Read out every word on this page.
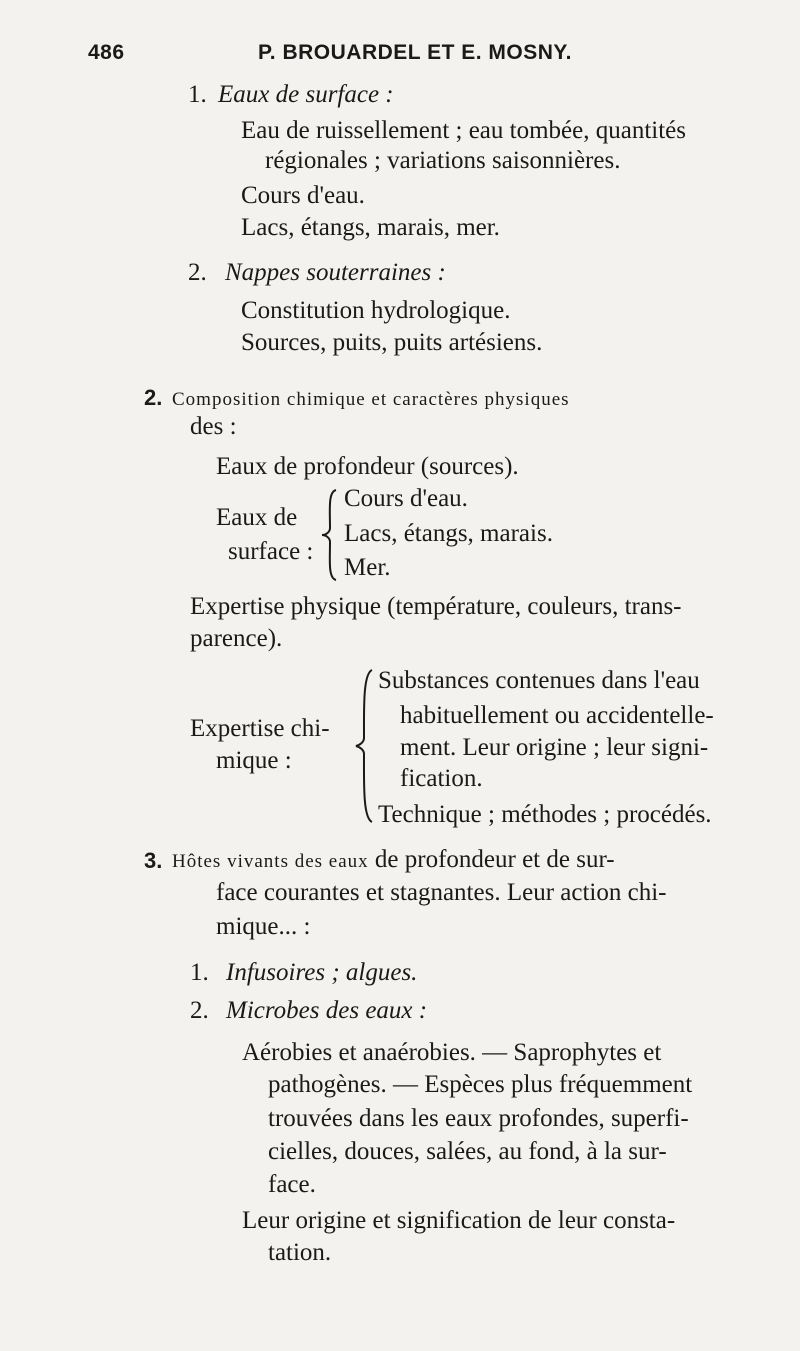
486	P. BROUARDEL ET E. MOSNY.
1. Eaux de surface :
Eau de ruissellement ; eau tombée, quantités
régionales ; variations saisonnières.
Cours d'eau.
Lacs, étangs, marais, mer.
2. Nappes souterraines :
Constitution hydrologique.
Sources, puits, puits artésiens.
2. Composition chimique et caractères physiques
des :
Eaux de profondeur (sources).
Eaux de
surface :
Cours d'eau.
Lacs, étangs, marais.
Mer.
Expertise physique (température, couleurs, trans-
parence).
Expertise chi-
mique :
Substances contenues dans l'eau
habituellement ou accidentelle-
ment. Leur origine ; leur signi-
fication.
Technique ; méthodes ; procédés.
3. Hôtes vivants des eaux de profondeur et de sur-
face courantes et stagnantes. Leur action chi-
mique... :
1. Infusoires ; algues.
2. Microbes des eaux :
Aérobies et anaérobies. — Saprophytes et
pathogènes. — Espèces plus fréquemment
trouvées dans les eaux profondes, superfi-
cielles, douces, salées, au fond, à la sur-
face.
Leur origine et signification de leur consta-
tation.
